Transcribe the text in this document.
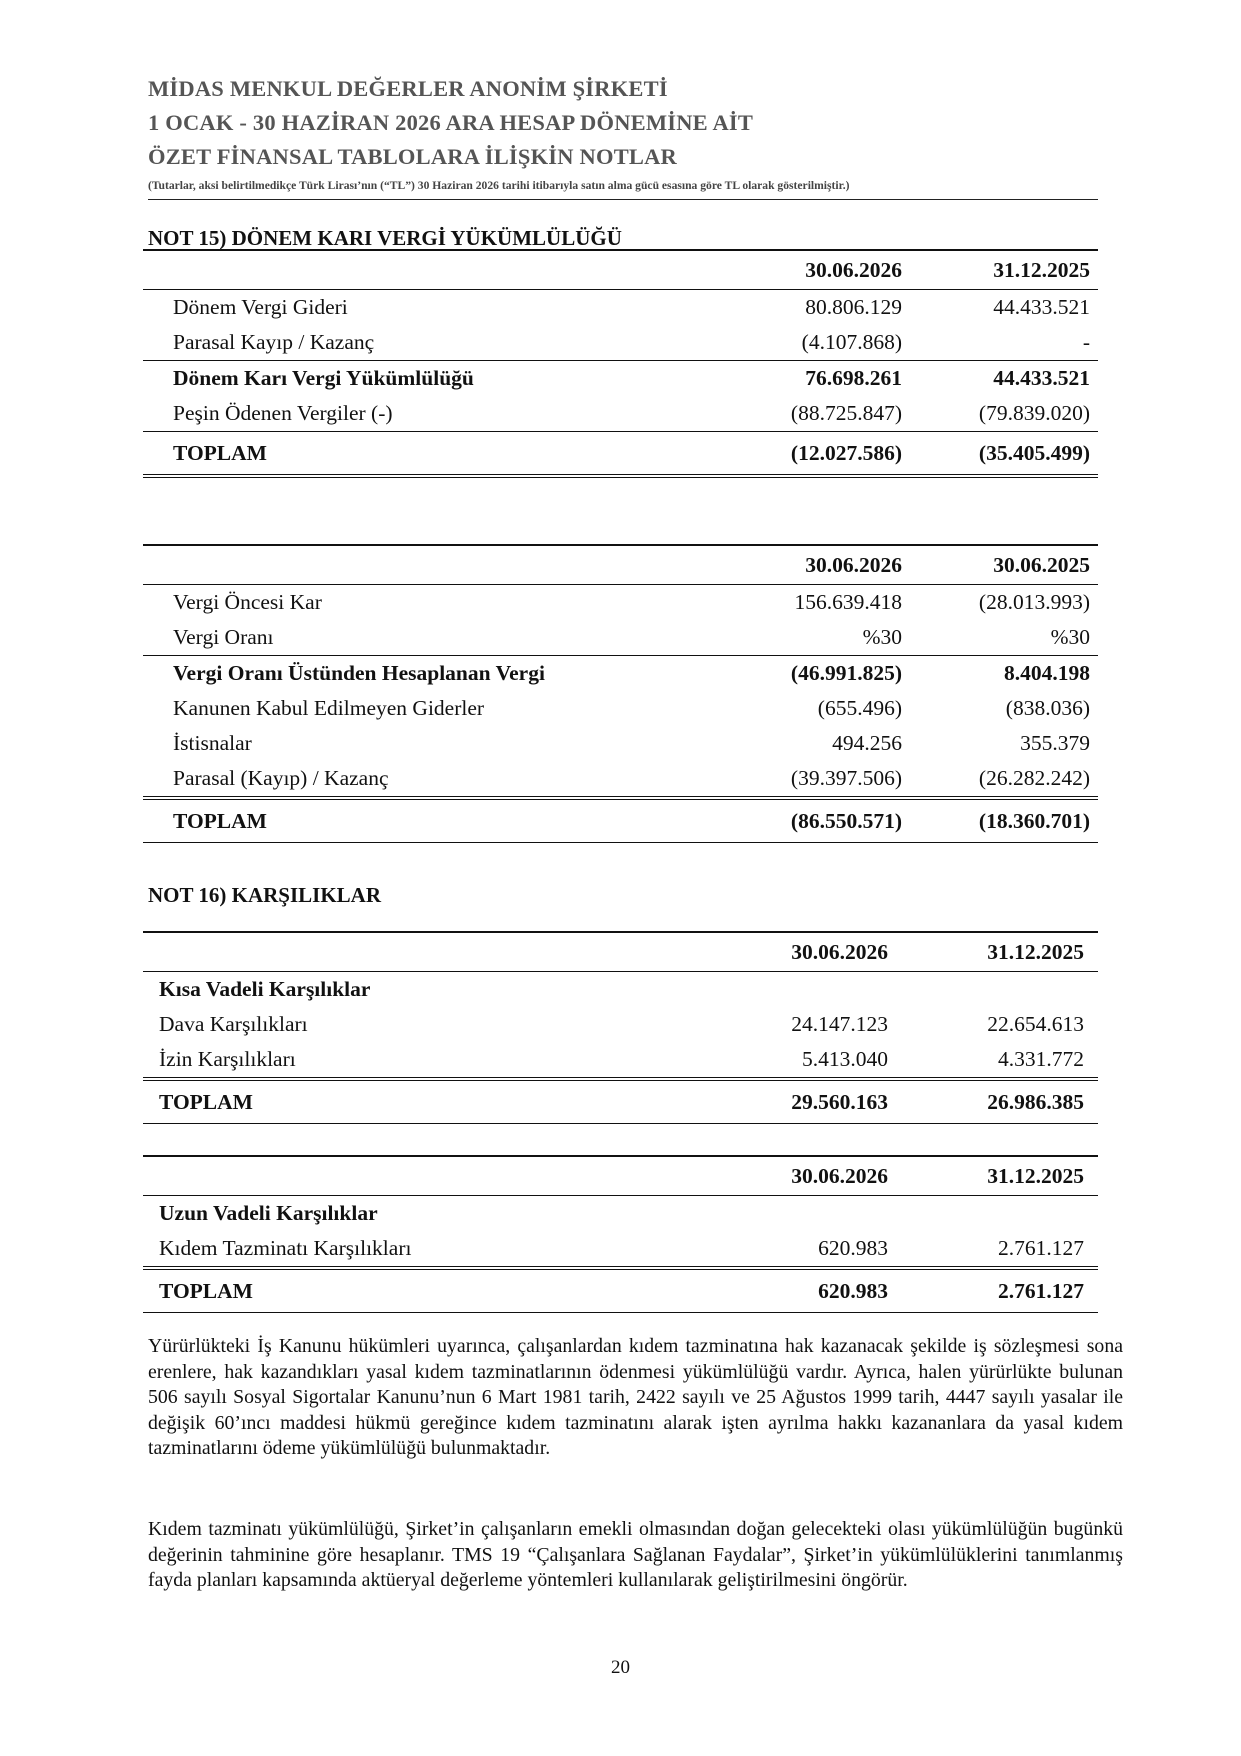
MİDAS MENKUL DEĞERLER ANONİM ŞİRKETİ
1 OCAK - 30 HAZİRAN 2026 ARA HESAP DÖNEMİNE AİT
ÖZET FİNANSAL TABLOLARA İLİŞKİN NOTLAR
(Tutarlar, aksi belirtilmedikçe Türk Lirası’nın (“TL”) 30 Haziran 2026 tarihi itibarıyla satın alma gücü esasına göre TL olarak gösterilmiştir.)
NOT 15) DÖNEM KARI VERGİ YÜKÜMLÜLÜĞÜ
	30.06.2026	31.12.2025
Dönem Vergi Gideri	80.806.129	44.433.521
Parasal Kayıp / Kazanç	(4.107.868)	-
Dönem Karı Vergi Yükümlülüğü	76.698.261	44.433.521
Peşin Ödenen Vergiler (-)	(88.725.847)	(79.839.020)
TOPLAM	(12.027.586)	(35.405.499)
	30.06.2026	30.06.2025
Vergi Öncesi Kar	156.639.418	(28.013.993)
Vergi Oranı	%30	%30
Vergi Oranı Üstünden Hesaplanan Vergi	(46.991.825)	8.404.198
Kanunen Kabul Edilmeyen Giderler	(655.496)	(838.036)
İstisnalar	494.256	355.379
Parasal (Kayıp) / Kazanç	(39.397.506)	(26.282.242)
TOPLAM	(86.550.571)	(18.360.701)
NOT 16) KARŞILIKLAR
	30.06.2026	31.12.2025
Kısa Vadeli Karşılıklar		
Dava Karşılıkları	24.147.123	22.654.613
İzin Karşılıkları	5.413.040	4.331.772
TOPLAM	29.560.163	26.986.385
	30.06.2026	31.12.2025
Uzun Vadeli Karşılıklar		
Kıdem Tazminatı Karşılıkları	620.983	2.761.127
TOPLAM	620.983	2.761.127

Yürürlükteki İş Kanunu hükümleri uyarınca, çalışanlardan kıdem tazminatına hak kazanacak şekilde iş sözleşmesi sona erenlere, hak kazandıkları yasal kıdem tazminatlarının ödenmesi yükümlülüğü vardır. Ayrıca, halen yürürlükte bulunan 506 sayılı Sosyal Sigortalar Kanunu’nun 6 Mart 1981 tarih, 2422 sayılı ve 25 Ağustos 1999 tarih, 4447 sayılı yasalar ile değişik 60’ıncı maddesi hükmü gereğince kıdem tazminatını alarak işten ayrılma hakkı kazananlara da yasal kıdem tazminatlarını ödeme yükümlülüğü bulunmaktadır.

Kıdem tazminatı yükümlülüğü, Şirket’in çalışanların emekli olmasından doğan gelecekteki olası yükümlülüğün bugünkü değerinin tahminine göre hesaplanır. TMS 19 “Çalışanlara Sağlanan Faydalar”, Şirket’in yükümlülüklerini tanımlanmış fayda planları kapsamında aktüeryal değerleme yöntemleri kullanılarak geliştirilmesini öngörür.

20
